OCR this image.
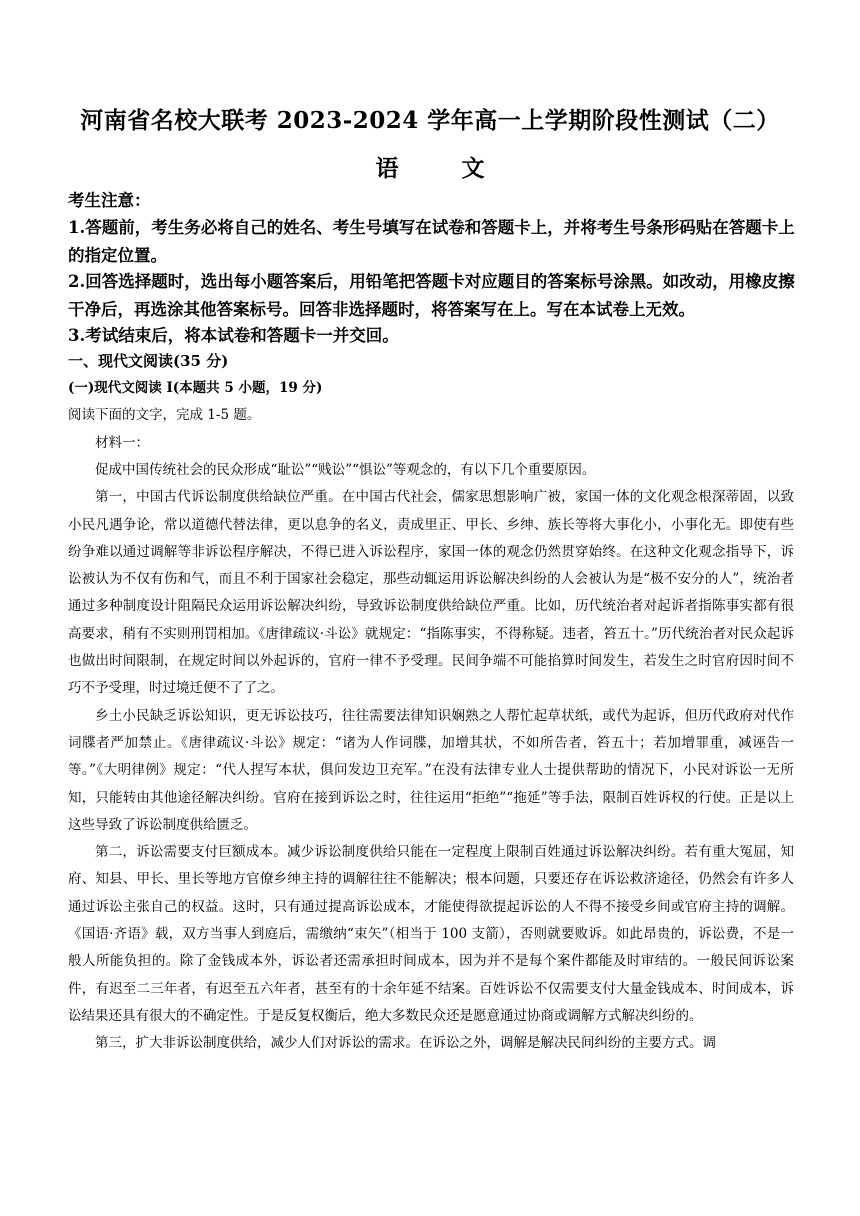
河南省名校大联考 2023-2024 学年高一上学期阶段性测试（二）
语　文
考生注意：
1.答题前，考生务必将自己的姓名、考生号填写在试卷和答题卡上，并将考生号条形码贴在答题卡上的指定位置。
2.回答选择题时，选出每小题答案后，用铅笔把答题卡对应题目的答案标号涂黑。如改动，用橡皮擦干净后，再选涂其他答案标号。回答非选择题时，将答案写在上。写在本试卷上无效。
3.考试结束后，将本试卷和答题卡一并交回。
一、现代文阅读(35 分)
(一)现代文阅读 I(本题共 5 小题，19 分)
阅读下面的文字，完成 1-5 题。

材料一：

促成中国传统社会的民众形成“耻讼”“贱讼”“惧讼”等观念的，有以下几个重要原因。

第一，中国古代诉讼制度供给缺位严重。在中国古代社会，儒家思想影响广被，家国一体的文化观念根深蒂固，以致小民凡遇争论，常以道德代替法律，更以息争的名义，责成里正、甲长、乡绅、族长等将大事化小，小事化无。即使有些纷争难以通过调解等非诉讼程序解决，不得已进入诉讼程序，家国一体的观念仍然贯穿始终。在这种文化观念指导下，诉讼被认为不仅有伤和气，而且不利于国家社会稳定，那些动辄运用诉讼解决纠纷的人会被认为是“极不安分的人”，统治者通过多种制度设计阻隔民众运用诉讼解决纠纷，导致诉讼制度供给缺位严重。比如，历代统治者对起诉者指陈事实都有很高要求，稍有不实则刑罚相加。《唐律疏议·斗讼》就规定：“指陈事实，不得称疑。违者，笞五十。”历代统治者对民众起诉也做出时间限制，在规定时间以外起诉的，官府一律不予受理。民间争端不可能掐算时间发生，若发生之时官府因时间不巧不予受理，时过境迁便不了了之。

乡土小民缺乏诉讼知识，更无诉讼技巧，往往需要法律知识娴熟之人帮忙起草状纸，或代为起诉，但历代政府对代作词牒者严加禁止。《唐律疏议·斗讼》规定：“诸为人作词牒，加增其状，不如所告者，笞五十；若加增罪重，减诬告一等。”《大明律例》规定：“代人捏写本状，俱问发边卫充军。”在没有法律专业人士提供帮助的情况下，小民对诉讼一无所知，只能转由其他途径解决纠纷。官府在接到诉讼之时，往往运用“拒绝”“拖延”等手法，限制百姓诉权的行使。正是以上这些导致了诉讼制度供给匮乏。

第二，诉讼需要支付巨额成本。减少诉讼制度供给只能在一定程度上限制百姓通过诉讼解决纠纷。若有重大冤屈，知府、知县、甲长、里长等地方官僚乡绅主持的调解往往不能解决；根本问题，只要还存在诉讼救济途径，仍然会有许多人通过诉讼主张自己的权益。这时，只有通过提高诉讼成本，才能使得欲提起诉讼的人不得不接受乡间或官府主持的调解。《国语·齐语》载，双方当事人到庭后，需缴纳“束矢”（相当于 100 支箭），否则就要败诉。如此昂贵的，诉讼费，不是一般人所能负担的。除了金钱成本外，诉讼者还需承担时间成本，因为并不是每个案件都能及时审结的。一般民间诉讼案件，有迟至二三年者，有迟至五六年者，甚至有的十余年延不结案。百姓诉讼不仅需要支付大量金钱成本、时间成本，诉讼结果还具有很大的不确定性。于是反复权衡后，绝大多数民众还是愿意通过协商或调解方式解决纠纷的。

第三，扩大非诉讼制度供给，减少人们对诉讼的需求。在诉讼之外，调解是解决民间纠纷的主要方式。调
